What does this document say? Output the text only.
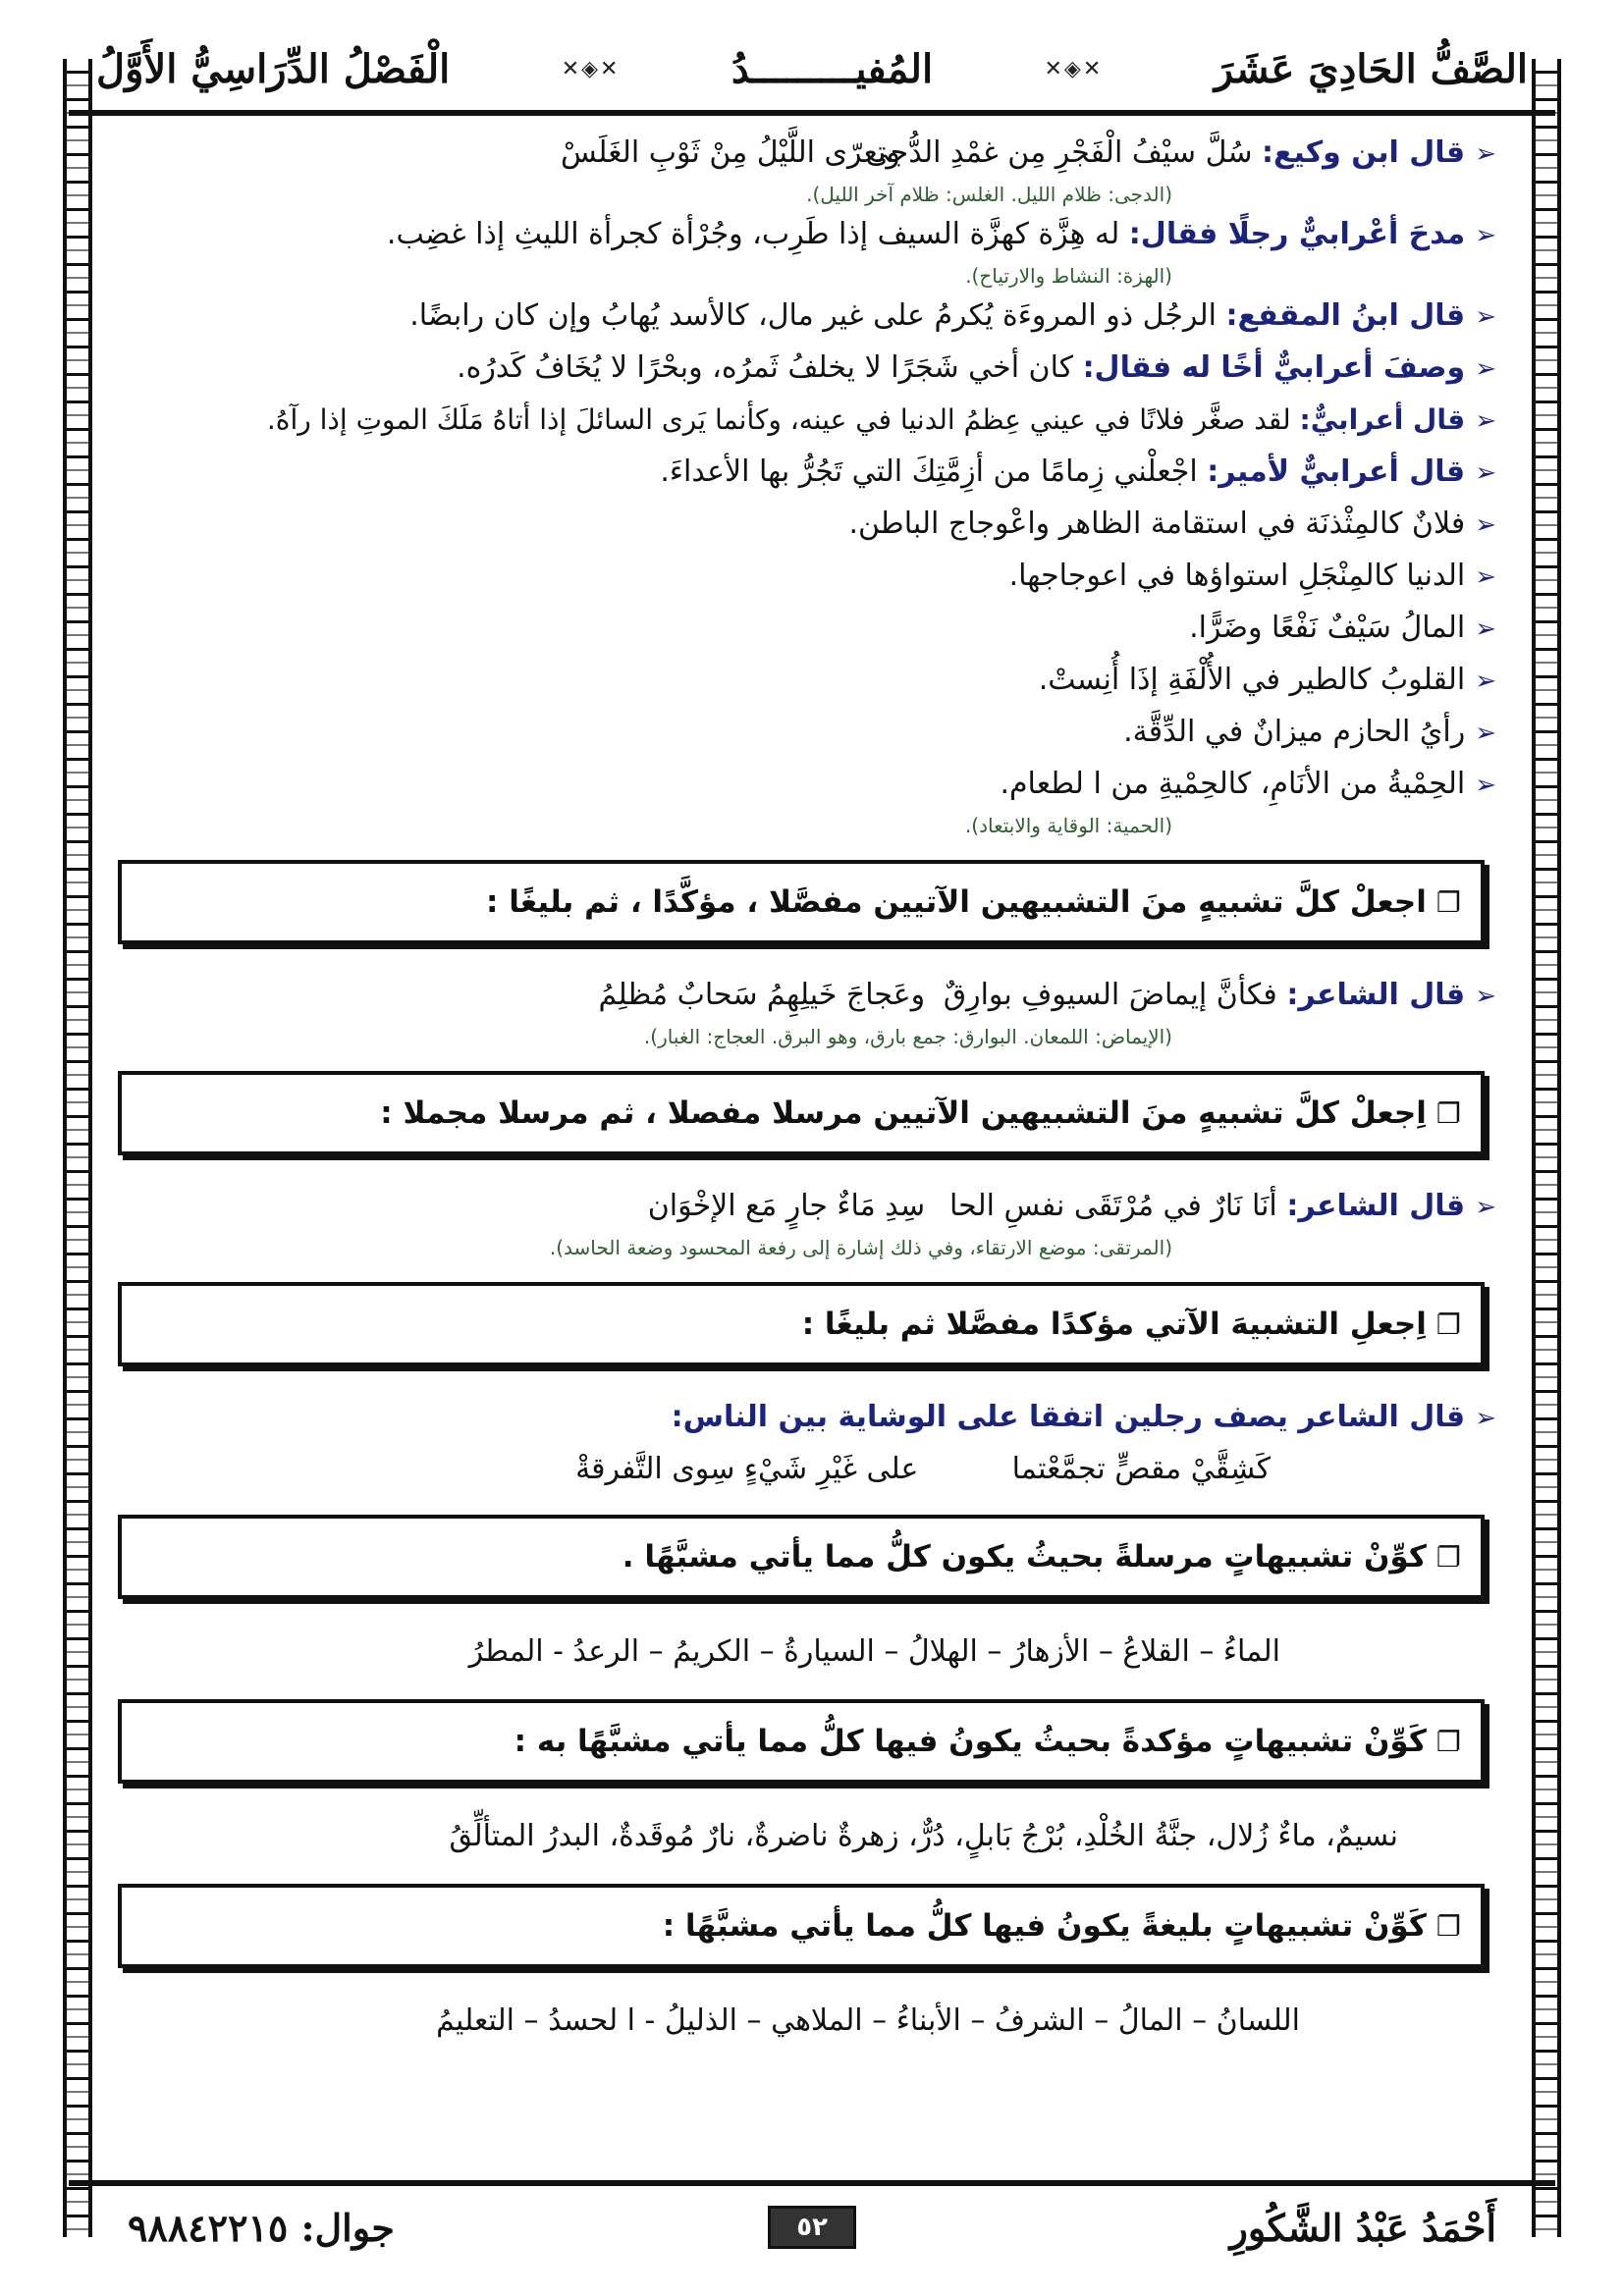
الصَّفُّ الحَادِيَ عَشَرَ
✕◈✕
المُفيـــــــــدُ
✕◈✕
الْفَصْلُ الدِّرَاسِيُّ الأَوَّلُ
➢قال ابن وكيع: سُلَّ سيْفُ الْفَجْرِ مِن غمْدِ الدُّجى   وتعرّى اللَّيْلُ مِنْ ثَوْبِ الغَلَسْ
(الدجى: ظلام الليل. الغلس: ظلام آخر الليل).
➢مدحَ أعْرابيٌّ رجلًا فقال: له هِزَّة كهزَّة السيف إذا طَرِب، وجُرْأة كجرأة الليثِ إذا غضِب.
(الهزة: النشاط والارتياح).
➢قال ابنُ المقفع: الرجُل ذو المروءَة يُكرمُ على غير مال، كالأسد يُهابُ وإن كان رابضًا.
➢وصفَ أعرابيٌّ أخًا له فقال: كان أخي شَجَرًا لا يخلفُ ثَمرُه، وبحْرًا لا يُخَافُ كَدرُه.
➢قال أعرابيٌّ: لقد صغَّر فلانًا في عيني عِظمُ الدنيا في عينه، وكأنما يَرى السائلَ إذا أتاهُ مَلَكَ الموتِ إذا رآهُ.
➢قال أعرابيٌّ لأمير: اجْعلْني زِمامًا من أزِمَّتِكَ التي تَجُرُّ بها الأعداءَ.
➢فلانٌ كالمِثْذنَة في استقامة الظاهر واعْوجاج الباطن.
➢الدنيا كالمِنْجَلِ استواؤها في اعوجاجها.
➢المالُ سَيْفٌ نَفْعًا وضَرًّا.
➢القلوبُ كالطير في الأُلْفَةِ إذَا أُنِستْ.
➢رأيُ الحازم ميزانٌ في الدِّقَّة.
➢الحِمْيةُ من الأنَامِ، كالحِمْيةِ من ا لطعام.
(الحمية: الوقاية والابتعاد).
❐
اجعلْ كلَّ تشبيهٍ منَ التشبيهين الآتيين مفصَّلا ، مؤكَّدًا ، ثم بليغًا :
➢قال الشاعر: فكأنَّ إيماضَ السيوفِ بوارِقٌ   وعَجاجَ خَيلِهِمُ سَحابٌ مُظلِمُ
(الإيماض: اللمعان. البوارق: جمع بارق، وهو البرق. العجاج: الغبار).
❐
اِجعلْ كلَّ تشبيهٍ منَ التشبيهين الآتيين مرسلا مفصلا ، ثم مرسلا مجملا :
➢قال الشاعر: أنَا نَارٌ في مُرْتَقَى نفسِ الحا   سِدِ مَاءٌ جارٍ مَع الإخْوَان
(المرتقى: موضع الارتقاء، وفي ذلك إشارة إلى رفعة المحسود وضعة الحاسد).
❐
اِجعلِ التشبيهَ الآتي مؤكدًا مفصَّلا ثم بليغًا :
➢قال الشاعر يصف رجلين اتفقا على الوشاية بين الناس:
كَشِقَّيْ مقصٍّ تجمَّعْتما   على غَيْرِ شَيْءٍ سِوى التَّفرقةْ
❐
كوِّنْ تشبيهاتٍ مرسلةً بحيثُ يكون كلُّ مما يأتي مشبَّهًا .
الماءُ – القلاعُ – الأزهارُ – الهلالُ – السيارةُ – الكريمُ – الرعدُ - المطرُ
❐
كَوِّنْ تشبيهاتٍ مؤكدةً بحيثُ يكونُ فيها كلُّ مما يأتي مشبَّهًا به :
نسيمٌ، ماءٌ زُلال، جنَّةُ الخُلْدِ، بُرْجُ بَابلٍ، دُرٌّ، زهرةٌ ناضرةٌ، نارٌ مُوقَدةٌ، البدرُ المتألِّقُ
❐
كَوِّنْ تشبيهاتٍ بليغةً يكونُ فيها كلُّ مما يأتي مشبَّهًا :
اللسانُ – المالُ – الشرفُ – الأبناءُ – الملاهي – الذليلُ - ا لحسدُ – التعليمُ
أَحْمَدُ عَبْدُ الشَّكُورِ
٥٢
جوال: ٩٨٨٤٢٢١٥
